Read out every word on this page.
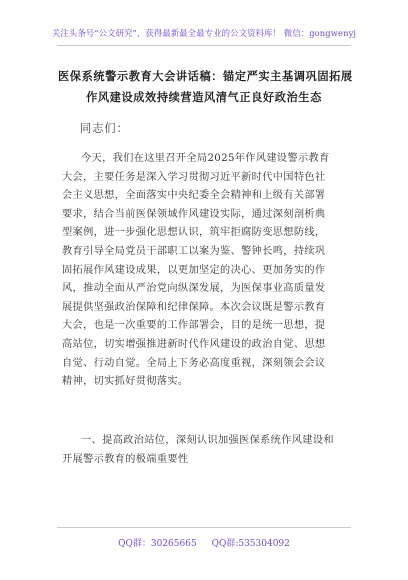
关注头条号“公文研究”，获得最新最全最专业的公文资料库！ 微信：gongwenyj
医保系统警示教育大会讲话稿：锚定严实主基调巩固拓展
作风建设成效持续营造风清气正良好政治生态
同志们：
今天，我们在这里召开全局2025年作风建设警示教育
大会，主要任务是深入学习贯彻习近平新时代中国特色社
会主义思想，全面落实中央纪委全会精神和上级有关部署
要求，结合当前医保领域作风建设实际，通过深刻剖析典
型案例，进一步强化思想认识，筑牢拒腐防变思想防线，
教育引导全局党员干部职工以案为鉴、警钟长鸣，持续巩
固拓展作风建设成果，以更加坚定的决心、更加务实的作
风，推动全面从严治党向纵深发展，为医保事业高质量发
展提供坚强政治保障和纪律保障。本次会议既是警示教育
大会，也是一次重要的工作部署会，目的是统一思想，提
高站位，切实增强推进新时代作风建设的政治自觉、思想
自觉、行动自觉。全局上下务必高度重视，深刻领会会议
精神，切实抓好贯彻落实。
一、提高政治站位，深刻认识加强医保系统作风建设和
开展警示教育的极端重要性
QQ群：30265665 QQ群:535304092
